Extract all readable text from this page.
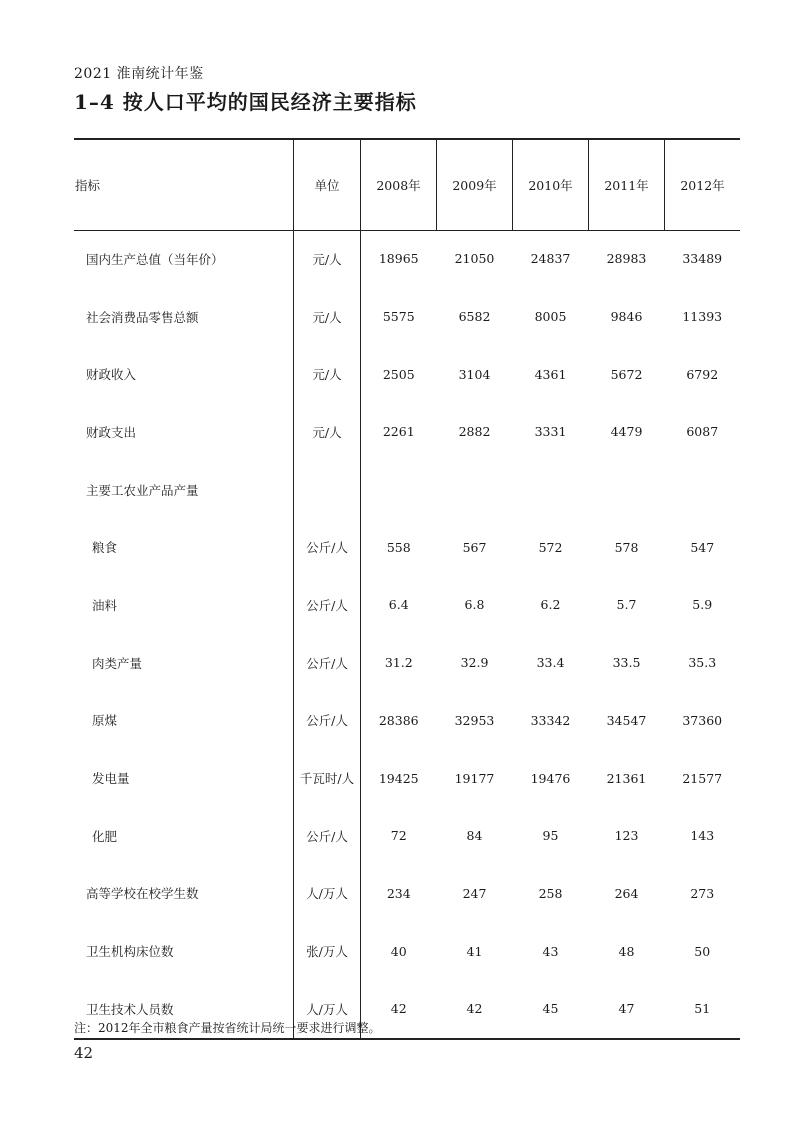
2021 淮南统计年鉴
1–4 按人口平均的国民经济主要指标
指标	单位	2008年	2009年	2010年	2011年	2012年
国内生产总值（当年价）	元/人	18965	21050	24837	28983	33489
社会消费品零售总额	元/人	5575	6582	8005	9846	11393
财政收入	元/人	2505	3104	4361	5672	6792
财政支出	元/人	2261	2882	3331	4479	6087
主要工农业产品产量						
粮食	公斤/人	558	567	572	578	547
油料	公斤/人	6.4	6.8	6.2	5.7	5.9
肉类产量	公斤/人	31.2	32.9	33.4	33.5	35.3
原煤	公斤/人	28386	32953	33342	34547	37360
发电量	千瓦时/人	19425	19177	19476	21361	21577
化肥	公斤/人	72	84	95	123	143
高等学校在校学生数	人/万人	234	247	258	264	273
卫生机构床位数	张/万人	40	41	43	48	50
卫生技术人员数	人/万人	42	42	45	47	51
注：2012年全市粮食产量按省统计局统一要求进行调整。
42
